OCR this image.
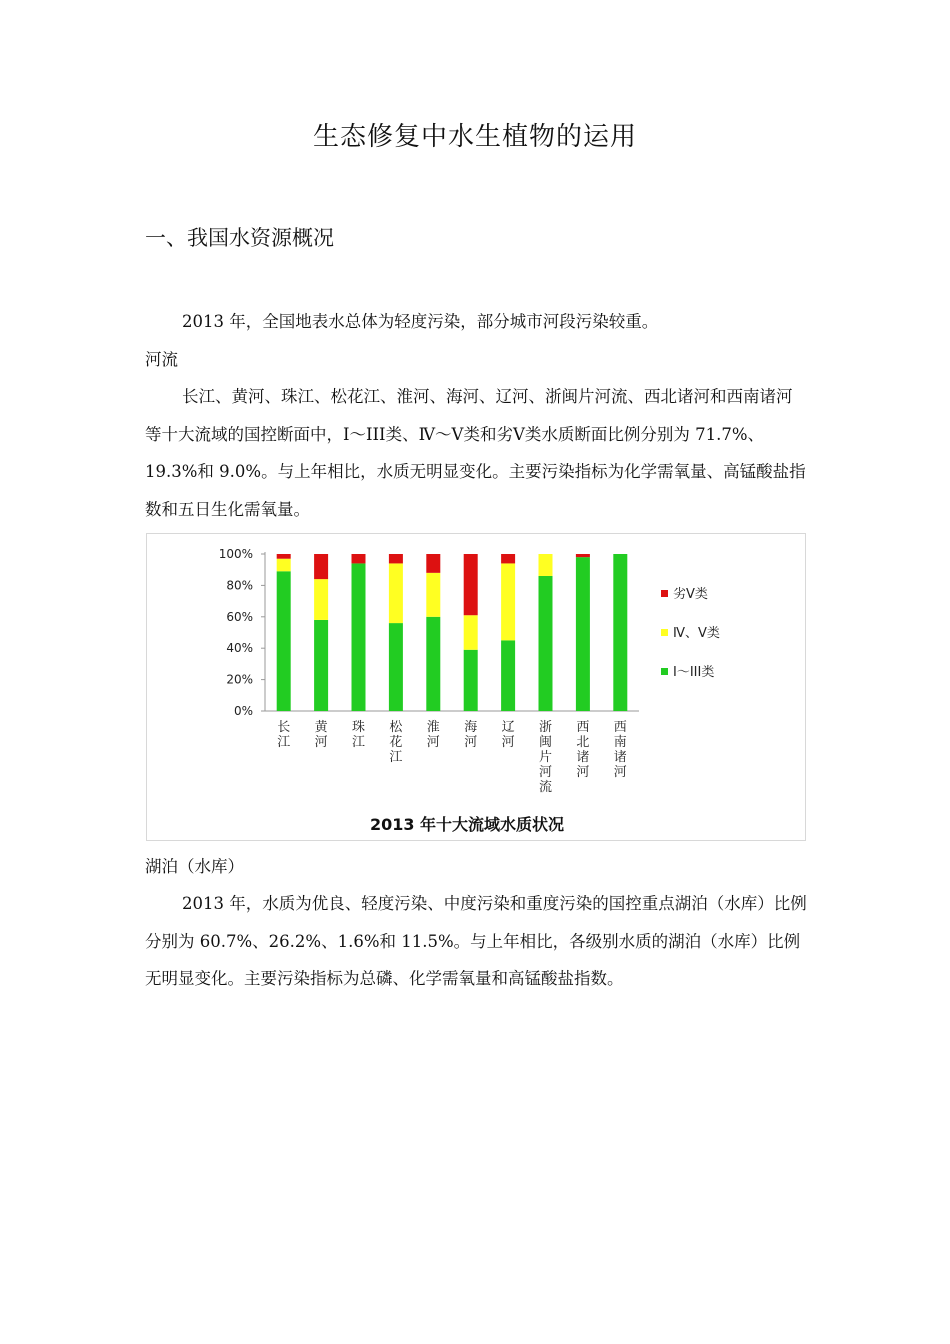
生态修复中水生植物的运用
一、我国水资源概况

2013 年，全国地表水总体为轻度污染，部分城市河段污染较重。

河流

长江、黄河、珠江、松花江、淮河、海河、辽河、浙闽片河流、西北诸河和西南诸河等十大流域的国控断面中，Ⅰ～III类、Ⅳ～Ⅴ类和劣Ⅴ类水质断面比例分别为 71.7%、19.3%和 9.0%。与上年相比，水质无明显变化。主要污染指标为化学需氧量、高锰酸盐指数和五日生化需氧量。

0%
20%
40%
60%
80%
100%
长
江
黄
河
珠
江
松
花
江
淮
河
海
河
辽
河
浙
闽
片
河
流
西
北
诸
河
西
南
诸
河
劣Ⅴ类
Ⅳ、Ⅴ类
Ⅰ～III类
2013 年十大流域水质状况

湖泊（水库）

2013 年，水质为优良、轻度污染、中度污染和重度污染的国控重点湖泊（水库）比例分别为 60.7%、26.2%、1.6%和 11.5%。与上年相比，各级别水质的湖泊（水库）比例无明显变化。主要污染指标为总磷、化学需氧量和高锰酸盐指数。
